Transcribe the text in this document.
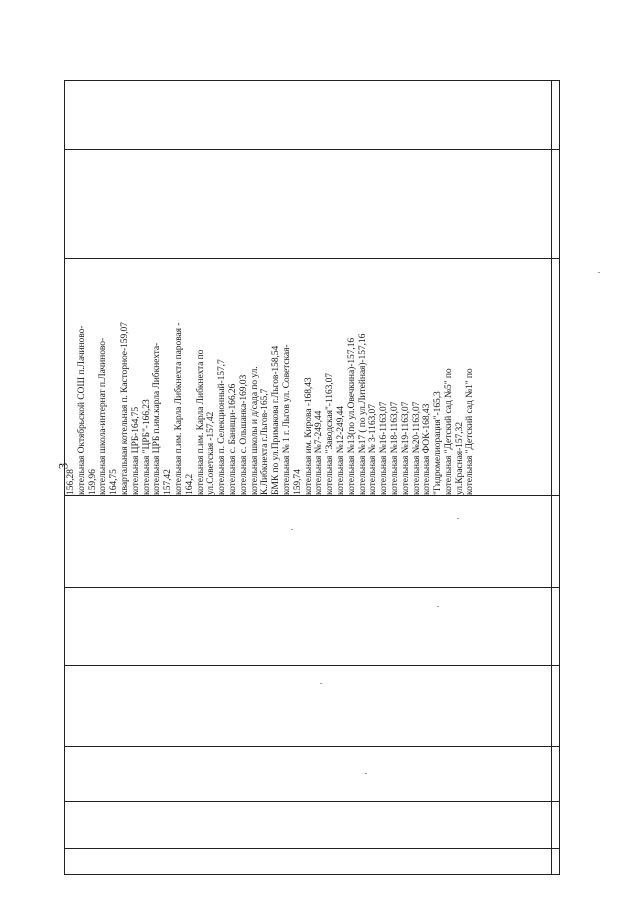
3
156,28 котельная Октябрьской СОШ п.Лачиново- 159,96 котельная школа-интернат п.Лачиново- 164,75 квартальная котельная п. Касторное-159,07 котельная ЦРБ-164,75 котельная "ЦРБ"-166,23 котельная ЦРБ п.им.карла Либкнехта- 157,42 котельная п.им. Карла Либкнехта паровая - 164,2 котельная п.им. Карла Либкнехта по ул.Советская -157,42 котельная п. Селекционный-157,7 котельная с. Банищи-166,26 котельная с. Ольшанка-169,03 котельная школы и д/сада по ул. К.Либкнехта г.Льгов-165,7 БМК по ул.Примакова г.Льгов-158,54 котельная № 1 г. Льгов ул. Советская- 159,74 котельная им. Кирова -168,43 котельная №7-249,44 котельная "Заводская"-1163,07 котельная №12-249,44 котельная №13(по ул.Овечкина)-157,16 котельная №17 ( по ул.Литейная)-157,16 котельная № 3-1163,07 котельная №16-1163,07 котельная №18-1163,07 котельная №19-1163,07 котельная №20-1163,07 котельная ФОК-168,43 "Гидромелиорация"-165,3 котельная "Детский сад №5" по ул.Красная-157,32 котельная "Детский сад №1" по
